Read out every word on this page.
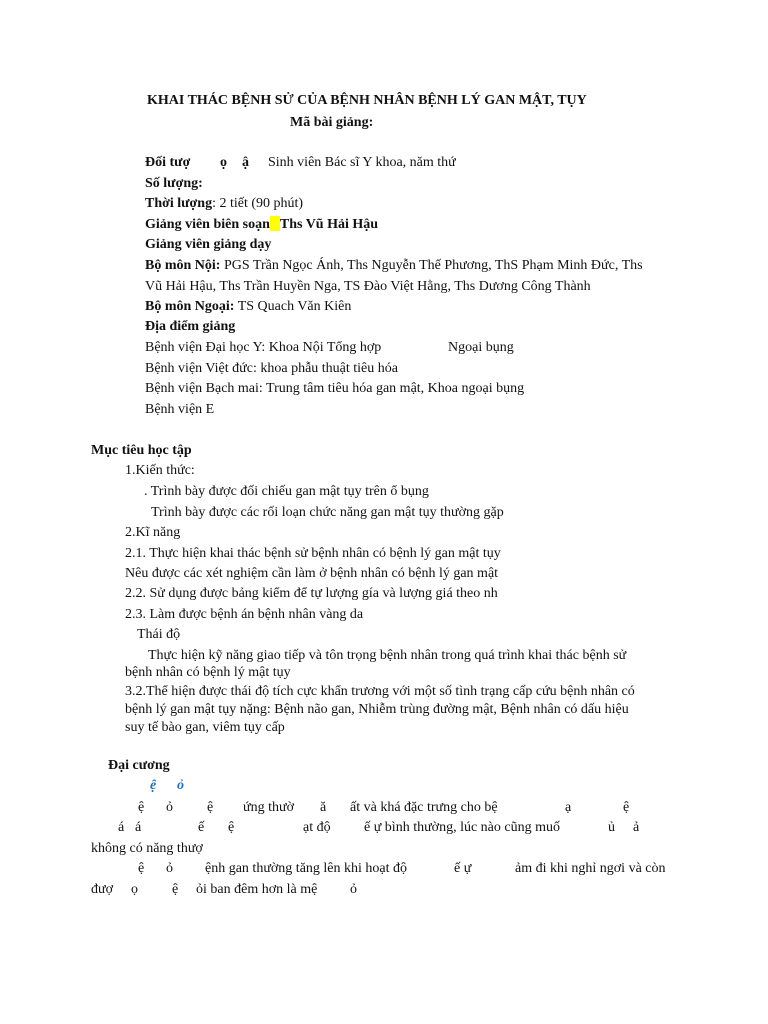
KHAI THÁC BỆNH SỬ CỦA BỆNH NHÂN BỆNH LÝ GAN MẬT, TỤY
Mã bài giảng:
Đối tượ ọ ậ Sinh viên Bác sĩ Y khoa, năm thứ
Số lượng:
Thời lượng: 2 tiết (90 phút)
Giảng viên biên soạn Ths Vũ Hải Hậu
Giảng viên giảng dạy
Bộ môn Nội: PGS Trần Ngọc Ánh, Ths Nguyễn Thế Phương, ThS Phạm Minh Đức, Ths
Vũ Hải Hậu, Ths Trần Huyền Nga, TS Đào Việt Hằng, Ths Dương Công Thành
Bộ môn Ngoại: TS Quach Văn Kiên
Địa điểm giảng
Bệnh viện Đại học Y: Khoa Nội Tổng hợp	Ngoại bụng
Bệnh viện Việt đức: khoa phẫu thuật tiêu hóa
Bệnh viện Bạch mai: Trung tâm tiêu hóa gan mật, Khoa ngoại bụng
Bệnh viện E
Mục tiêu học tập
1.Kiến thức:
. Trình bày được đối chiếu gan mật tụy trên ổ bụng
Trình bày được các rối loạn chức năng gan mật tụy thường gặp
2.Kĩ năng
2.1. Thực hiện khai thác bệnh sử bệnh nhân có bệnh lý gan mật tụy
Nêu được các xét nghiệm cần làm ở bệnh nhân có bệnh lý gan mật
2.2. Sử dụng được bảng kiểm để tự lượng gía và lượng giá theo nh
2.3. Làm được bệnh án bệnh nhân vàng da
Thái độ
Thực hiện kỹ năng giao tiếp và tôn trọng bệnh nhân trong quá trình khai thác bệnh sử
bệnh nhân có bệnh lý mật tụy
3.2.Thể hiện được thái độ tích cực khẩn trương với một số tình trạng cấp cứu bệnh nhân có
bệnh lý gan mật tụy nặng: Bệnh não gan, Nhiễm trùng đường mật, Bệnh nhân có dấu hiệu
suy tế bào gan, viêm tụy cấp
Đại cương
ệ ỏ
ệ ỏ ệ ứng thườ ă ất và khá đặc trưng cho bệ	ạ	ệ
á á	ế ệ	ạt độ ế ự bình thường, lúc nào cũng muố	ủ ả
không có năng thượ
ệ ỏ ệnh gan thường tăng lên khi hoạt độ	ế ự	ảm đi khi nghỉ ngơi và còn
đượ ọ ệ ỏi ban đêm hơn là mệ ỏ
